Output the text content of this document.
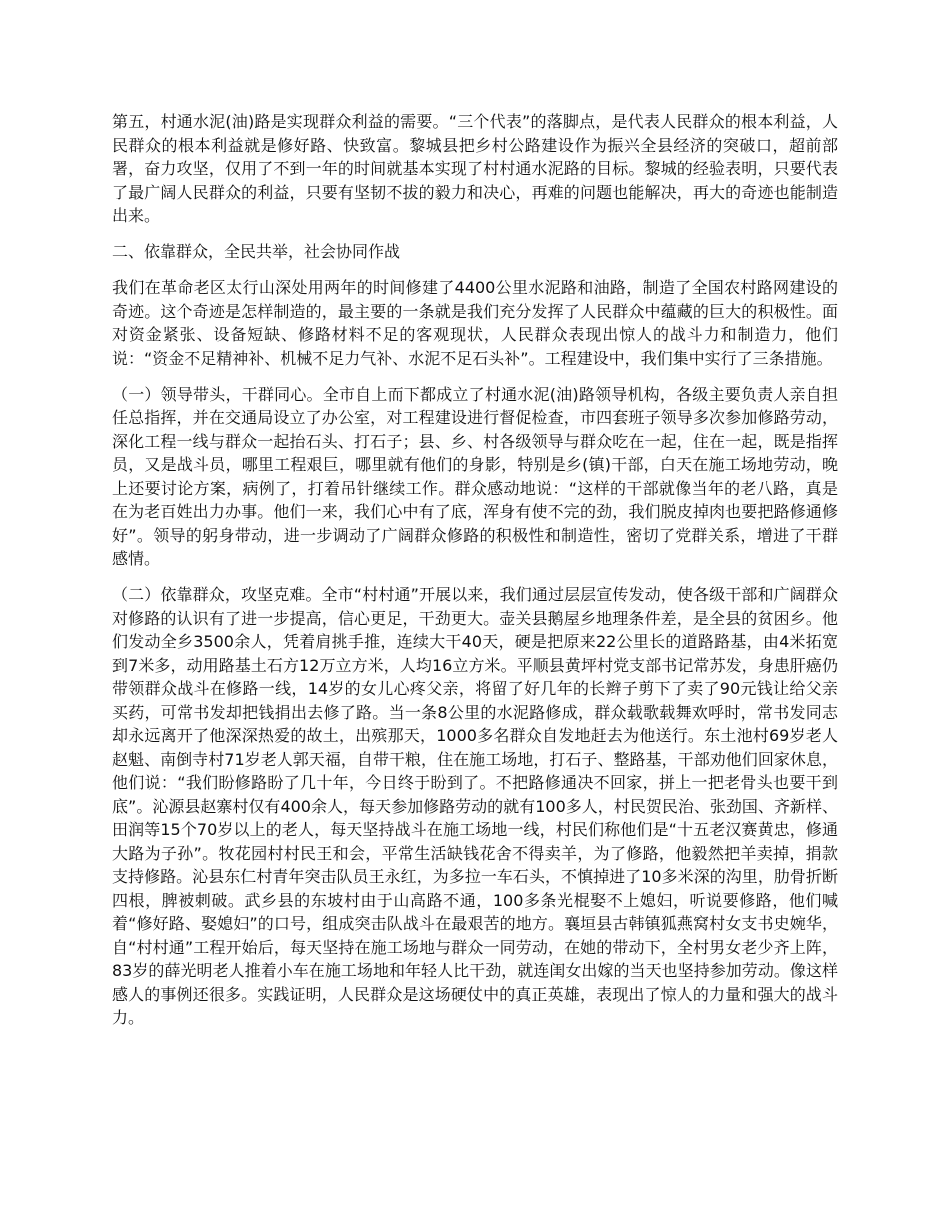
第五，村通水泥(油)路是实现群众利益的需要。“三个代表”的落脚点，是代表人民群众的根本利益，人民群众的根本利益就是修好路、快致富。黎城县把乡村公路建设作为振兴全县经济的突破口，超前部署，奋力攻坚，仅用了不到一年的时间就基本实现了村村通水泥路的目标。黎城的经验表明，只要代表了最广阔人民群众的利益，只要有坚韧不拔的毅力和决心，再难的问题也能解决，再大的奇迹也能制造出来。

二、依靠群众，全民共举，社会协同作战

我们在革命老区太行山深处用两年的时间修建了4400公里水泥路和油路，制造了全国农村路网建设的奇迹。这个奇迹是怎样制造的，最主要的一条就是我们充分发挥了人民群众中蕴藏的巨大的积极性。面对资金紧张、设备短缺、修路材料不足的客观现状，人民群众表现出惊人的战斗力和制造力，他们说：“资金不足精神补、机械不足力气补、水泥不足石头补”。工程建设中，我们集中实行了三条措施。

（一）领导带头，干群同心。全市自上而下都成立了村通水泥(油)路领导机构，各级主要负责人亲自担任总指挥，并在交通局设立了办公室，对工程建设进行督促检查，市四套班子领导多次参加修路劳动，深化工程一线与群众一起抬石头、打石子；县、乡、村各级领导与群众吃在一起，住在一起，既是指挥员，又是战斗员，哪里工程艰巨，哪里就有他们的身影，特别是乡(镇)干部，白天在施工场地劳动，晚上还要讨论方案，病例了，打着吊针继续工作。群众感动地说：“这样的干部就像当年的老八路，真是在为老百姓出力办事。他们一来，我们心中有了底，浑身有使不完的劲，我们脱皮掉肉也要把路修通修好”。领导的躬身带动，进一步调动了广阔群众修路的积极性和制造性，密切了党群关系，增进了干群感情。

（二）依靠群众，攻坚克难。全市“村村通”开展以来，我们通过层层宣传发动，使各级干部和广阔群众对修路的认识有了进一步提高，信心更足，干劲更大。壶关县鹅屋乡地理条件差，是全县的贫困乡。他们发动全乡3500余人，凭着肩挑手推，连续大干40天，硬是把原来22公里长的道路路基，由4米拓宽到7米多，动用路基土石方12万立方米，人均16立方米。平顺县黄坪村党支部书记常苏发，身患肝癌仍带领群众战斗在修路一线，14岁的女儿心疼父亲，将留了好几年的长辫子剪下了卖了90元钱让给父亲买药，可常书发却把钱捐出去修了路。当一条8公里的水泥路修成，群众载歌载舞欢呼时，常书发同志却永远离开了他深深热爱的故土，出殡那天，1000多名群众自发地赶去为他送行。东土池村69岁老人赵魁、南倒寺村71岁老人郭天福，自带干粮，住在施工场地，打石子、整路基，干部劝他们回家休息，他们说：“我们盼修路盼了几十年，今日终于盼到了。不把路修通决不回家，拼上一把老骨头也要干到底”。沁源县赵寨村仅有400余人，每天参加修路劳动的就有100多人，村民贺民治、张劲国、齐新样、田润等15个70岁以上的老人，每天坚持战斗在施工场地一线，村民们称他们是“十五老汉赛黄忠，修通大路为子孙”。牧花园村村民王和会，平常生活缺钱花舍不得卖羊，为了修路，他毅然把羊卖掉，捐款支持修路。沁县东仁村青年突击队员王永红，为多拉一车石头，不慎掉进了10多米深的沟里，肋骨折断四根，脾被刺破。武乡县的东坡村由于山高路不通，100多条光棍娶不上媳妇，听说要修路，他们喊着“修好路、娶媳妇”的口号，组成突击队战斗在最艰苦的地方。襄垣县古韩镇狐燕窝村女支书史婉华，自“村村通”工程开始后，每天坚持在施工场地与群众一同劳动，在她的带动下，全村男女老少齐上阵，83岁的薛光明老人推着小车在施工场地和年轻人比干劲，就连闺女出嫁的当天也坚持参加劳动。像这样感人的事例还很多。实践证明，人民群众是这场硬仗中的真正英雄，表现出了惊人的力量和强大的战斗力。
